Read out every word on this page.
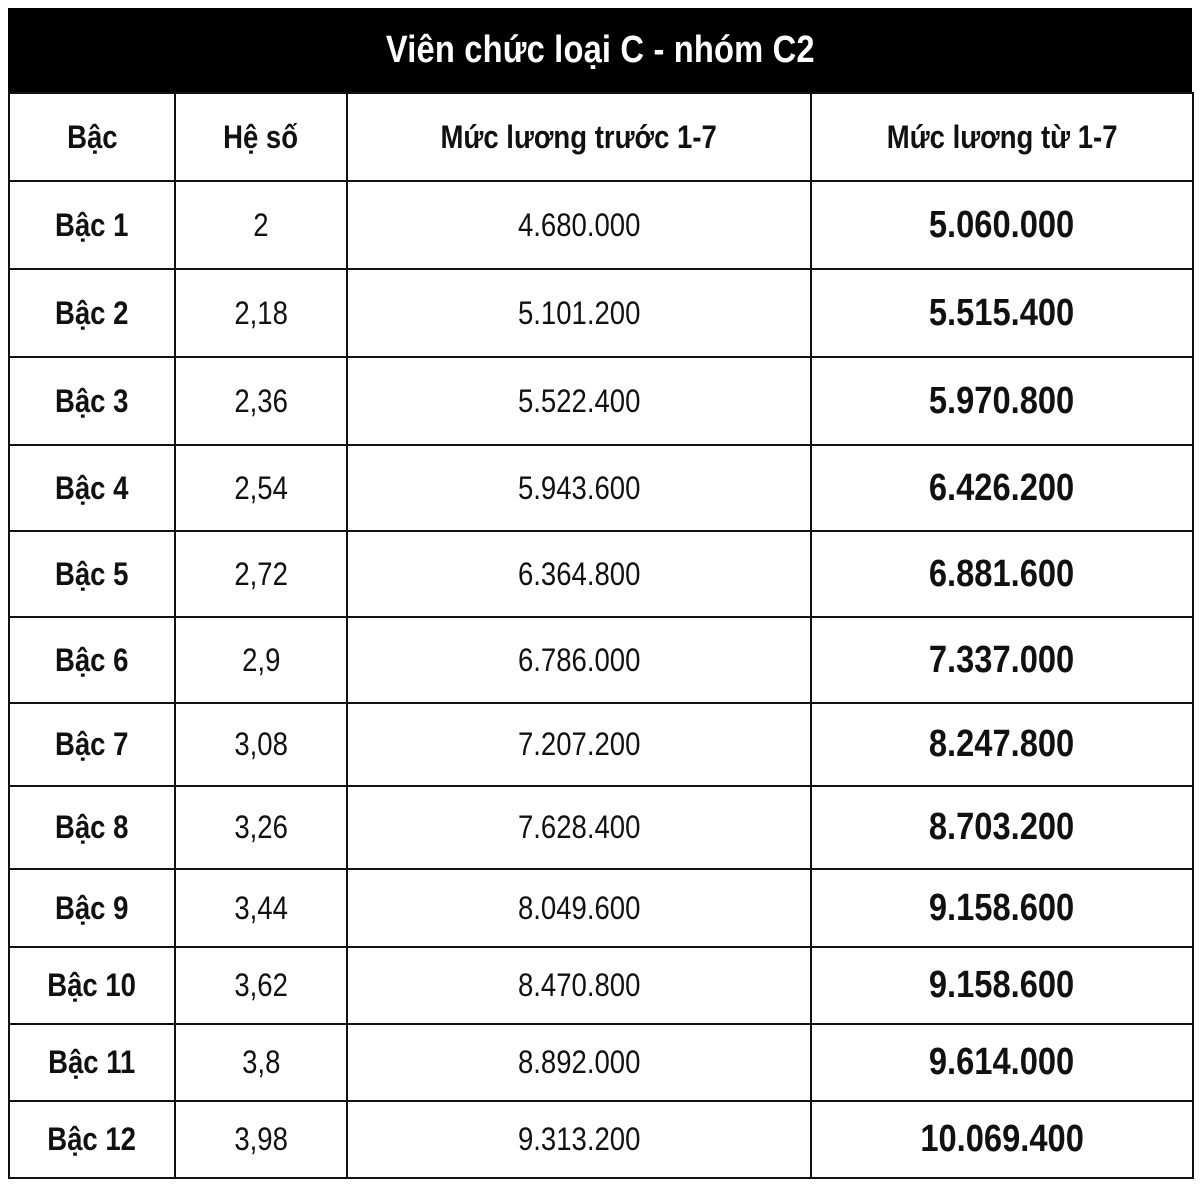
Viên chức loại C - nhóm C2
Bậc	Hệ số	Mức lương trước 1-7	Mức lương từ 1-7
Bậc 1	2	4.680.000	5.060.000
Bậc 2	2,18	5.101.200	5.515.400
Bậc 3	2,36	5.522.400	5.970.800
Bậc 4	2,54	5.943.600	6.426.200
Bậc 5	2,72	6.364.800	6.881.600
Bậc 6	2,9	6.786.000	7.337.000
Bậc 7	3,08	7.207.200	8.247.800
Bậc 8	3,26	7.628.400	8.703.200
Bậc 9	3,44	8.049.600	9.158.600
Bậc 10	3,62	8.470.800	9.158.600
Bậc 11	3,8	8.892.000	9.614.000
Bậc 12	3,98	9.313.200	10.069.400
